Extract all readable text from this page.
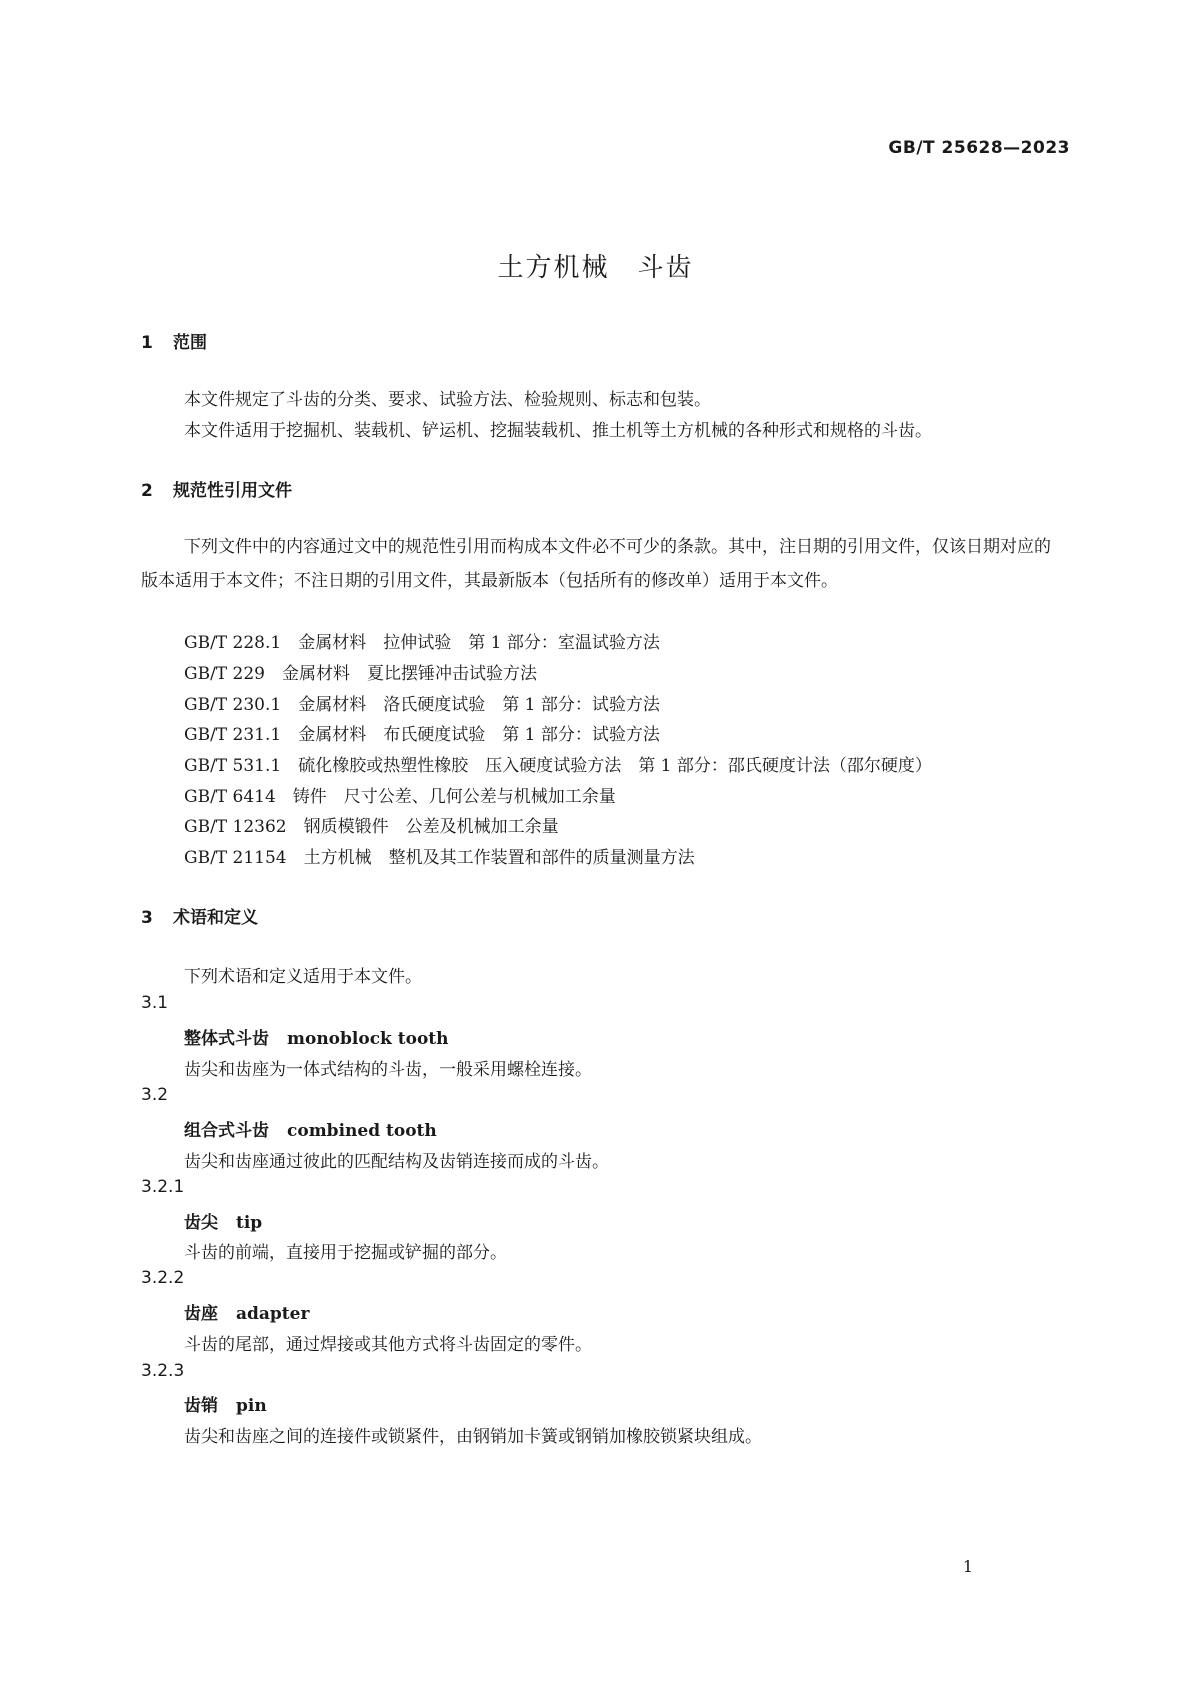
GB/T 25628—2023
土方机械　斗齿
1 范围
本文件规定了斗齿的分类、要求、试验方法、检验规则、标志和包装。
本文件适用于挖掘机、装载机、铲运机、挖掘装载机、推土机等土方机械的各种形式和规格的斗齿。
2 规范性引用文件
下列文件中的内容通过文中的规范性引用而构成本文件必不可少的条款。其中，注日期的引用文件，仅该日期对应的版本适用于本文件；不注日期的引用文件，其最新版本（包括所有的修改单）适用于本文件。
GB/T 228.1　金属材料　拉伸试验　第 1 部分：室温试验方法
GB/T 229　金属材料　夏比摆锤冲击试验方法
GB/T 230.1　金属材料　洛氏硬度试验　第 1 部分：试验方法
GB/T 231.1　金属材料　布氏硬度试验　第 1 部分：试验方法
GB/T 531.1　硫化橡胶或热塑性橡胶　压入硬度试验方法　第 1 部分：邵氏硬度计法（邵尔硬度）
GB/T 6414　铸件　尺寸公差、几何公差与机械加工余量
GB/T 12362　钢质模锻件　公差及机械加工余量
GB/T 21154　土方机械　整机及其工作装置和部件的质量测量方法
3 术语和定义
下列术语和定义适用于本文件。
3.1
整体式斗齿 monoblock tooth
齿尖和齿座为一体式结构的斗齿，一般采用螺栓连接。
3.2
组合式斗齿 combined tooth
齿尖和齿座通过彼此的匹配结构及齿销连接而成的斗齿。
3.2.1
齿尖 tip
斗齿的前端，直接用于挖掘或铲掘的部分。
3.2.2
齿座 adapter
斗齿的尾部，通过焊接或其他方式将斗齿固定的零件。
3.2.3
齿销 pin
齿尖和齿座之间的连接件或锁紧件，由钢销加卡簧或钢销加橡胶锁紧块组成。
1
